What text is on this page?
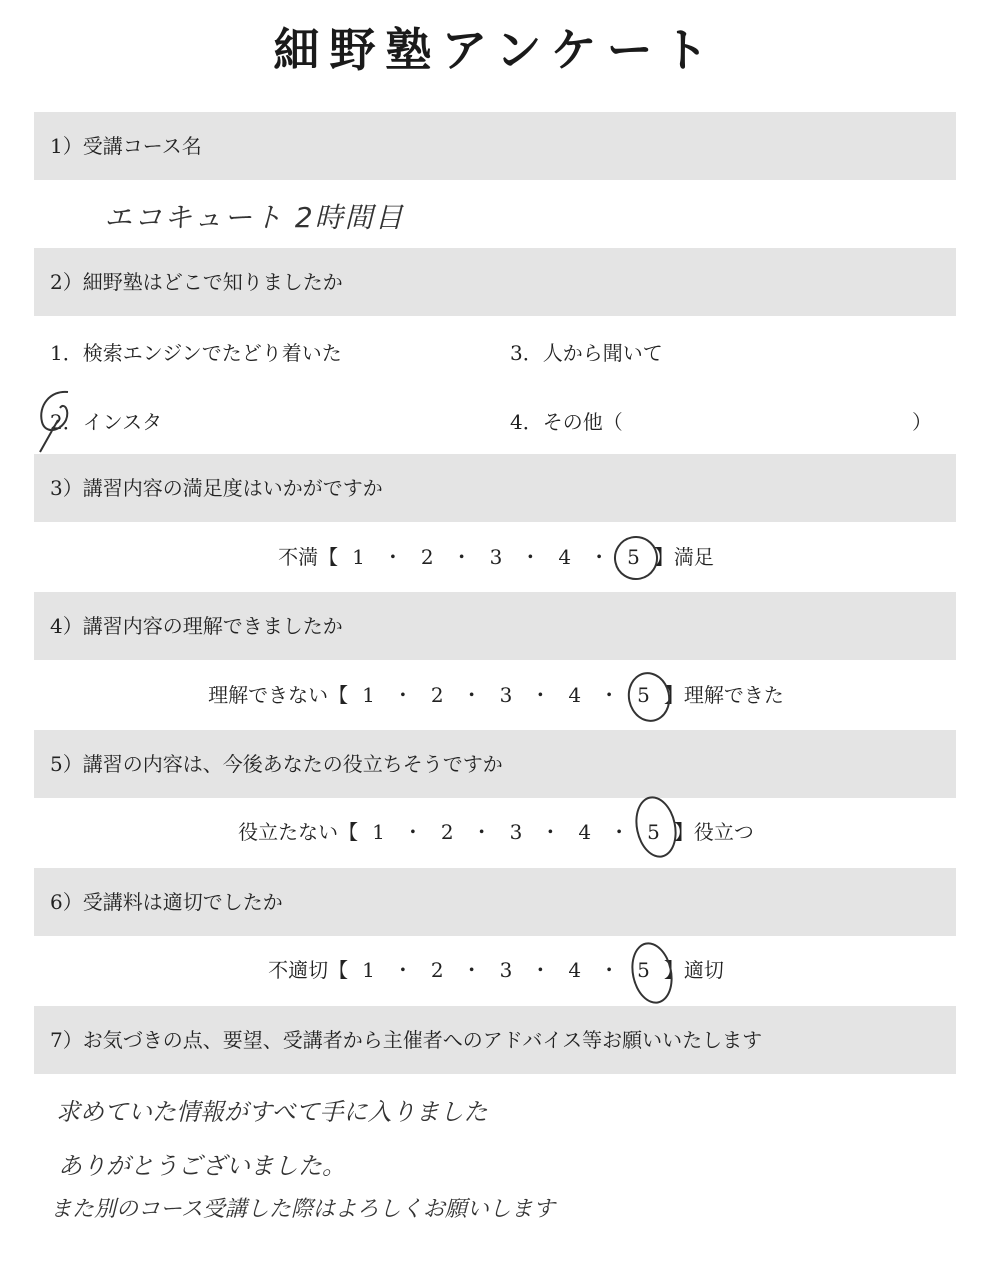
細野塾アンケート
1）受講コース名
エコキュート 2時間目
2）細野塾はどこで知りましたか
1．検索エンジンでたどり着いた
2．インスタ
3．人から聞いて
4．その他（	）
3）講習内容の満足度はいかがですか
不満【 1 ・ 2 ・ 3 ・ 4 ・ 5 】満足
4）講習内容の理解できましたか
理解できない【 1 ・ 2 ・ 3 ・ 4 ・ 5 】理解できた
5）講習の内容は、今後あなたの役立ちそうですか
役立たない【 1 ・ 2 ・ 3 ・ 4 ・ 5 】役立つ
6）受講料は適切でしたか
不適切【 1 ・ 2 ・ 3 ・ 4 ・ 5 】適切
7）お気づきの点、要望、受講者から主催者へのアドバイス等お願いいたします
求めていた情報がすべて手に入りました
ありがとうございました。
また別のコース受講した際はよろしくお願いします
